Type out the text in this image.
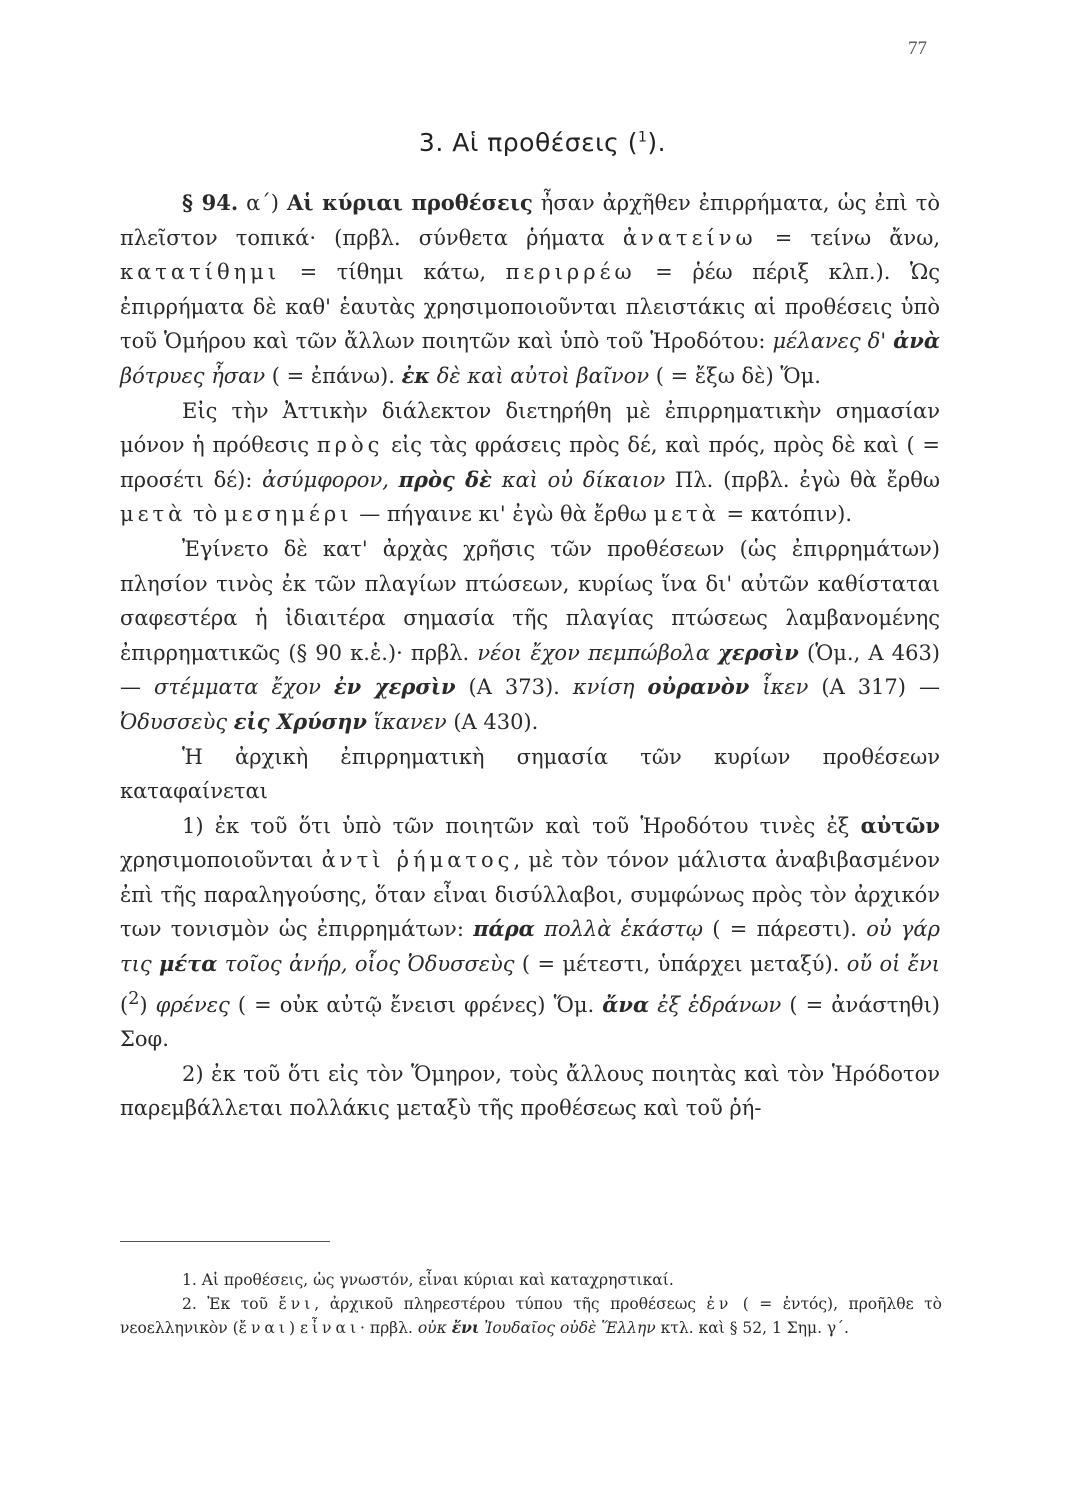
77
3. Αἱ προθέσεις ($^1$).

§ 94. α΄) Αἱ κύριαι προθέσεις ἦσαν ἀρχῆθεν ἐπιρρήματα, ὡς ἐπὶ τὸ πλεῖστον τοπικά· (πρβλ. σύνθετα ῥήματα ἀνατείνω = τείνω ἄνω, κατατίθημι = τίθημι κάτω, περιρρέω = ῥέω πέριξ κλπ.). Ὡς ἐπιρρήματα δὲ καθ' ἑαυτὰς χρησιμοποιοῦνται πλειστάκις αἱ προθέσεις ὑπὸ τοῦ Ὁμήρου καὶ τῶν ἄλλων ποιητῶν καὶ ὑπὸ τοῦ Ἡροδότου: μέλανες δ' ἀνὰ βότρυες ἦσαν ( = ἐπάνω). ἐκ δὲ καὶ αὐτοὶ βαῖνον ( = ἔξω δὲ) Ὅμ.

Εἰς τὴν Ἀττικὴν διάλεκτον διετηρήθη μὲ ἐπιρρηματικὴν σημασίαν μόνον ἡ πρόθεσις πρὸς εἰς τὰς φράσεις πρὸς δέ, καὶ πρός, πρὸς δὲ καὶ ( = προσέτι δέ): ἀσύμφορον, πρὸς δὲ καὶ οὐ δίκαιον Πλ. (πρβλ. ἐγὼ θὰ ἔρθω μετὰ τὸ μεσημέρι — πήγαινε κι' ἐγὼ θὰ ἔρθω μετὰ = κατόπιν).

Ἐγίνετο δὲ κατ' ἀρχὰς χρῆσις τῶν προθέσεων (ὡς ἐπιρρημάτων) πλησίον τινὸς ἐκ τῶν πλαγίων πτώσεων, κυρίως ἵνα δι' αὐτῶν καθίσταται σαφεστέρα ἡ ἰδιαιτέρα σημασία τῆς πλαγίας πτώσεως λαμβανομένης ἐπιρρηματικῶς (§ 90 κ.ἑ.)· πρβλ. νέοι ἔχον πεμπώβολα χερσὶν (Ὁμ., Α 463) — στέμματα ἔχον ἐν χερσὶν (Α 373). κνίση οὐρανὸν ἷκεν (Α 317) — Ὀδυσσεὺς εἰς Χρύσην ἵκανεν (Α 430).

Ἡ ἀρχικὴ ἐπιρρηματικὴ σημασία τῶν κυρίων προθέσεων καταφαίνεται

1) ἐκ τοῦ ὅτι ὑπὸ τῶν ποιητῶν καὶ τοῦ Ἡροδότου τινὲς ἐξ αὐτῶν χρησιμοποιοῦνται ἀντὶ ῥήματος, μὲ τὸν τόνον μάλιστα ἀναβιβασμένον ἐπὶ τῆς παραληγούσης, ὅταν εἶναι δισύλλαβοι, συμφώνως πρὸς τὸν ἀρχικόν των τονισμὸν ὡς ἐπιρρημάτων: πάρα πολλὰ ἑκάστῳ ( = πάρεστι). οὐ γάρ τις μέτα τοῖος ἀνήρ, οἷος Ὀδυσσεὺς ( = μέτεστι, ὑπάρχει μεταξύ). οὔ οἱ ἔνι ($^2$) φρένες ( = οὐκ αὐτῷ ἔνεισι φρένες) Ὅμ. ἄνα ἐξ ἑδράνων ( = ἀνάστηθι) Σοφ.

2) ἐκ τοῦ ὅτι εἰς τὸν Ὅμηρον, τοὺς ἄλλους ποιητὰς καὶ τὸν Ἡρόδοτον παρεμβάλλεται πολλάκις μεταξὺ τῆς προθέσεως καὶ τοῦ ῥή-

1. Αἱ προθέσεις, ὡς γνωστόν, εἶναι κύριαι καὶ καταχρηστικαί.

2. Ἐκ τοῦ ἔνι, ἀρχικοῦ πληρεστέρου τύπου τῆς προθέσεως ἐν ( = ἐντός), προῆλθε τὸ νεοελληνικὸν (ἔναι) εἶναι· πρβλ. οὐκ ἔνι Ἰουδαῖος οὐδὲ Ἕλλην κτλ. καὶ § 52, 1 Σημ. γ΄.
